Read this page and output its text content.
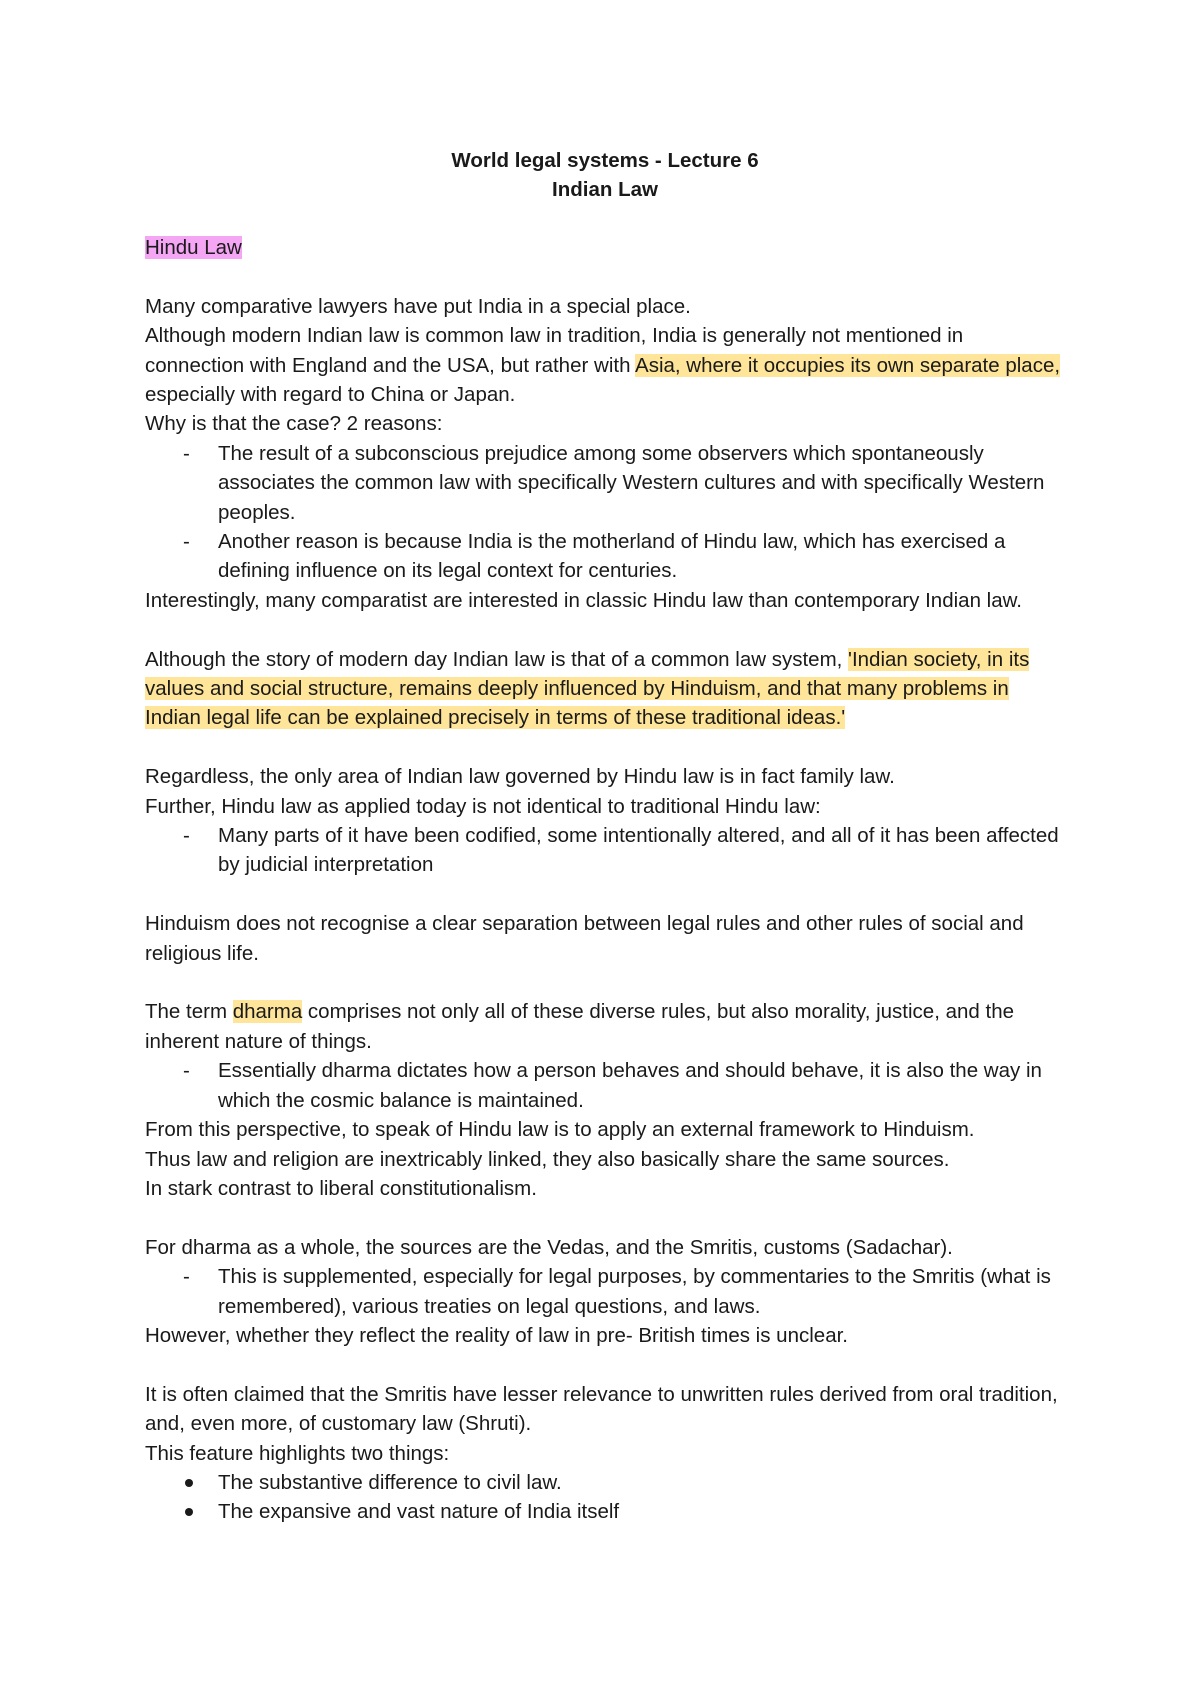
World legal systems - Lecture 6
Indian Law

Hindu Law

Many comparative lawyers have put India in a special place.

Although modern Indian law is common law in tradition, India is generally not mentioned in connection with England and the USA, but rather with Asia, where it occupies its own separate place, especially with regard to China or Japan.

Why is that the case? 2 reasons:

- The result of a subconscious prejudice among some observers which spontaneously associates the common law with specifically Western cultures and with specifically Western peoples.
- Another reason is because India is the motherland of Hindu law, which has exercised a defining influence on its legal context for centuries.

Interestingly, many comparatist are interested in classic Hindu law than contemporary Indian law.

Although the story of modern day Indian law is that of a common law system, 'Indian society, in its values and social structure, remains deeply influenced by Hinduism, and that many problems in Indian legal life can be explained precisely in terms of these traditional ideas.'

Regardless, the only area of Indian law governed by Hindu law is in fact family law.

Further, Hindu law as applied today is not identical to traditional Hindu law:

- Many parts of it have been codified, some intentionally altered, and all of it has been affected by judicial interpretation

Hinduism does not recognise a clear separation between legal rules and other rules of social and religious life.

The term dharma comprises not only all of these diverse rules, but also morality, justice, and the inherent nature of things.

- Essentially dharma dictates how a person behaves and should behave, it is also the way in which the cosmic balance is maintained.

From this perspective, to speak of Hindu law is to apply an external framework to Hinduism.

Thus law and religion are inextricably linked, they also basically share the same sources.

In stark contrast to liberal constitutionalism.

For dharma as a whole, the sources are the Vedas, and the Smritis, customs (Sadachar).

- This is supplemented, especially for legal purposes, by commentaries to the Smritis (what is remembered), various treaties on legal questions, and laws.

However, whether they reflect the reality of law in pre- British times is unclear.

It is often claimed that the Smritis have lesser relevance to unwritten rules derived from oral tradition, and, even more, of customary law (Shruti).

This feature highlights two things:

The substantive difference to civil law.
The expansive and vast nature of India itself
